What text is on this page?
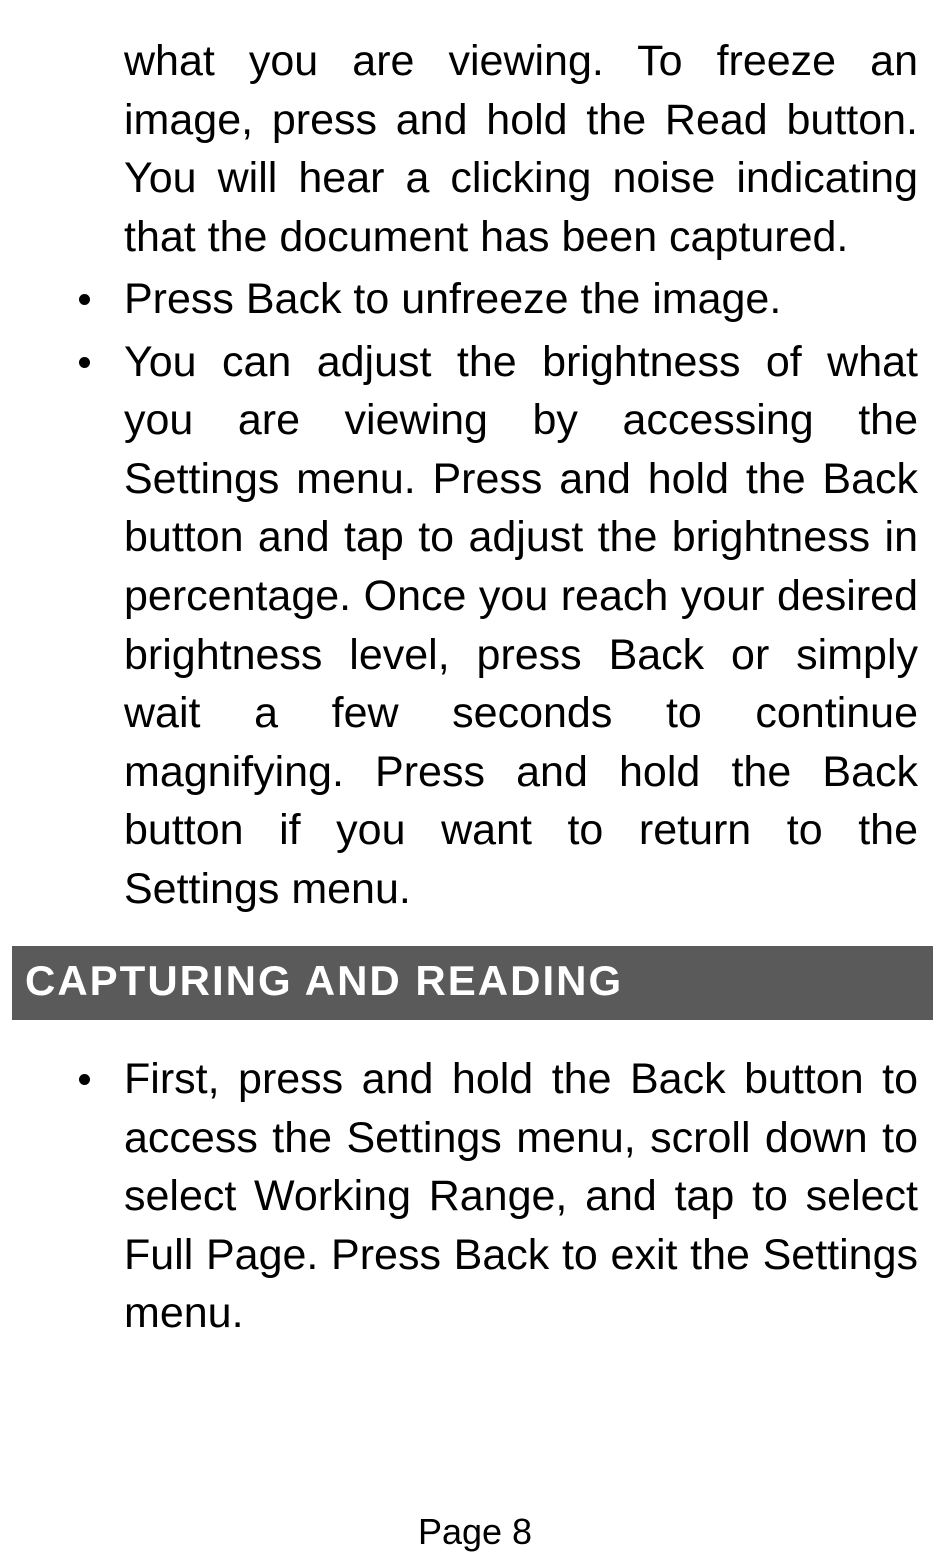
what you are viewing. To freeze an image, press and hold the Read button. You will hear a clicking noise indicating that the document has been captured.
Press Back to unfreeze the image.
You can adjust the brightness of what you are viewing by accessing the Settings menu. Press and hold the Back button and tap to adjust the brightness in percentage. Once you reach your desired brightness level, press Back or simply wait a few seconds to continue magnifying. Press and hold the Back button if you want to return to the Settings menu.
CAPTURING AND READING
First, press and hold the Back button to access the Settings menu, scroll down to select Working Range, and tap to select Full Page. Press Back to exit the Settings menu.
Page 8
